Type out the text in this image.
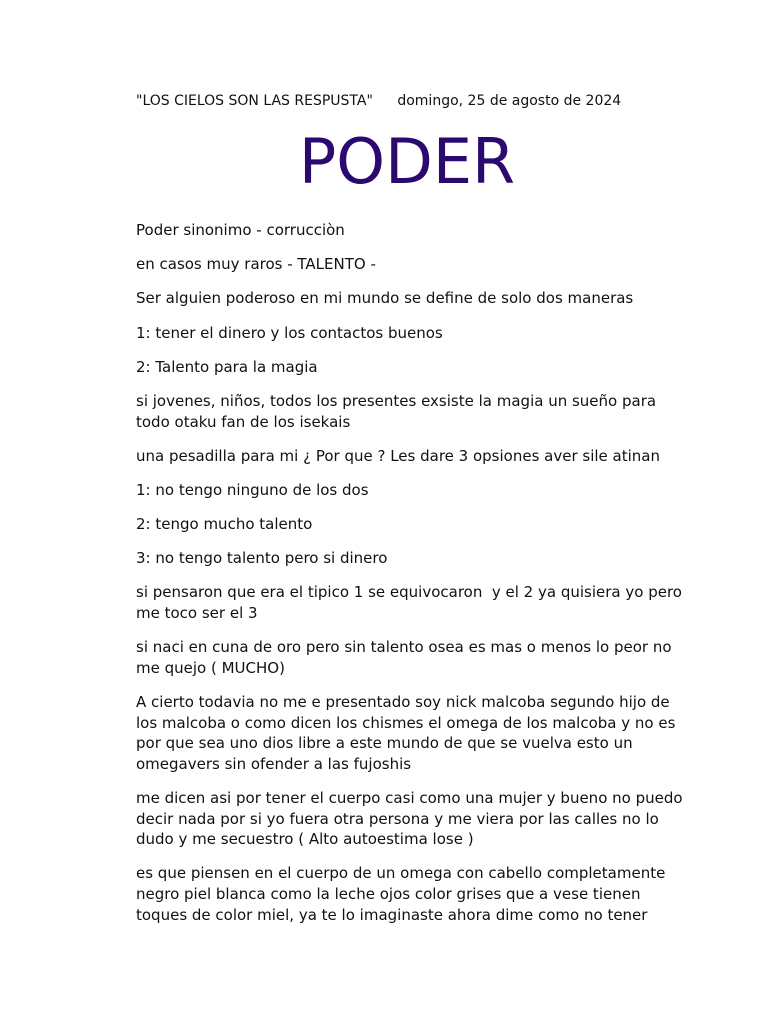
"LOS CIELOS SON LAS RESPUSTA" domingo, 25 de agosto de 2024
PODER

Poder sinonimo - corrucciòn

en casos muy raros - TALENTO -

Ser alguien poderoso en mi mundo se define de solo dos maneras

1: tener el dinero y los contactos buenos

2: Talento para la magia

si jovenes, niños, todos los presentes exsiste la magia un sueño para todo otaku fan de los isekais

una pesadilla para mi ¿ Por que ? Les dare 3 opsiones aver sile atinan

1: no tengo ninguno de los dos

2: tengo mucho talento

3: no tengo talento pero si dinero

si pensaron que era el tipico 1 se equivocaron  y el 2 ya quisiera yo pero me toco ser el 3

si naci en cuna de oro pero sin talento osea es mas o menos lo peor no me quejo ( MUCHO)

A cierto todavia no me e presentado soy nick malcoba segundo hijo de los malcoba o como dicen los chismes el omega de los malcoba y no es por que sea uno dios libre a este mundo de que se vuelva esto un omegavers sin ofender a las fujoshis

me dicen asi por tener el cuerpo casi como una mujer y bueno no puedo decir nada por si yo fuera otra persona y me viera por las calles no lo dudo y me secuestro ( Alto autoestima lose )

es que piensen en el cuerpo de un omega con cabello completamente negro piel blanca como la leche ojos color grises que a vese tienen toques de color miel, ya te lo imaginaste ahora dime como no tener
